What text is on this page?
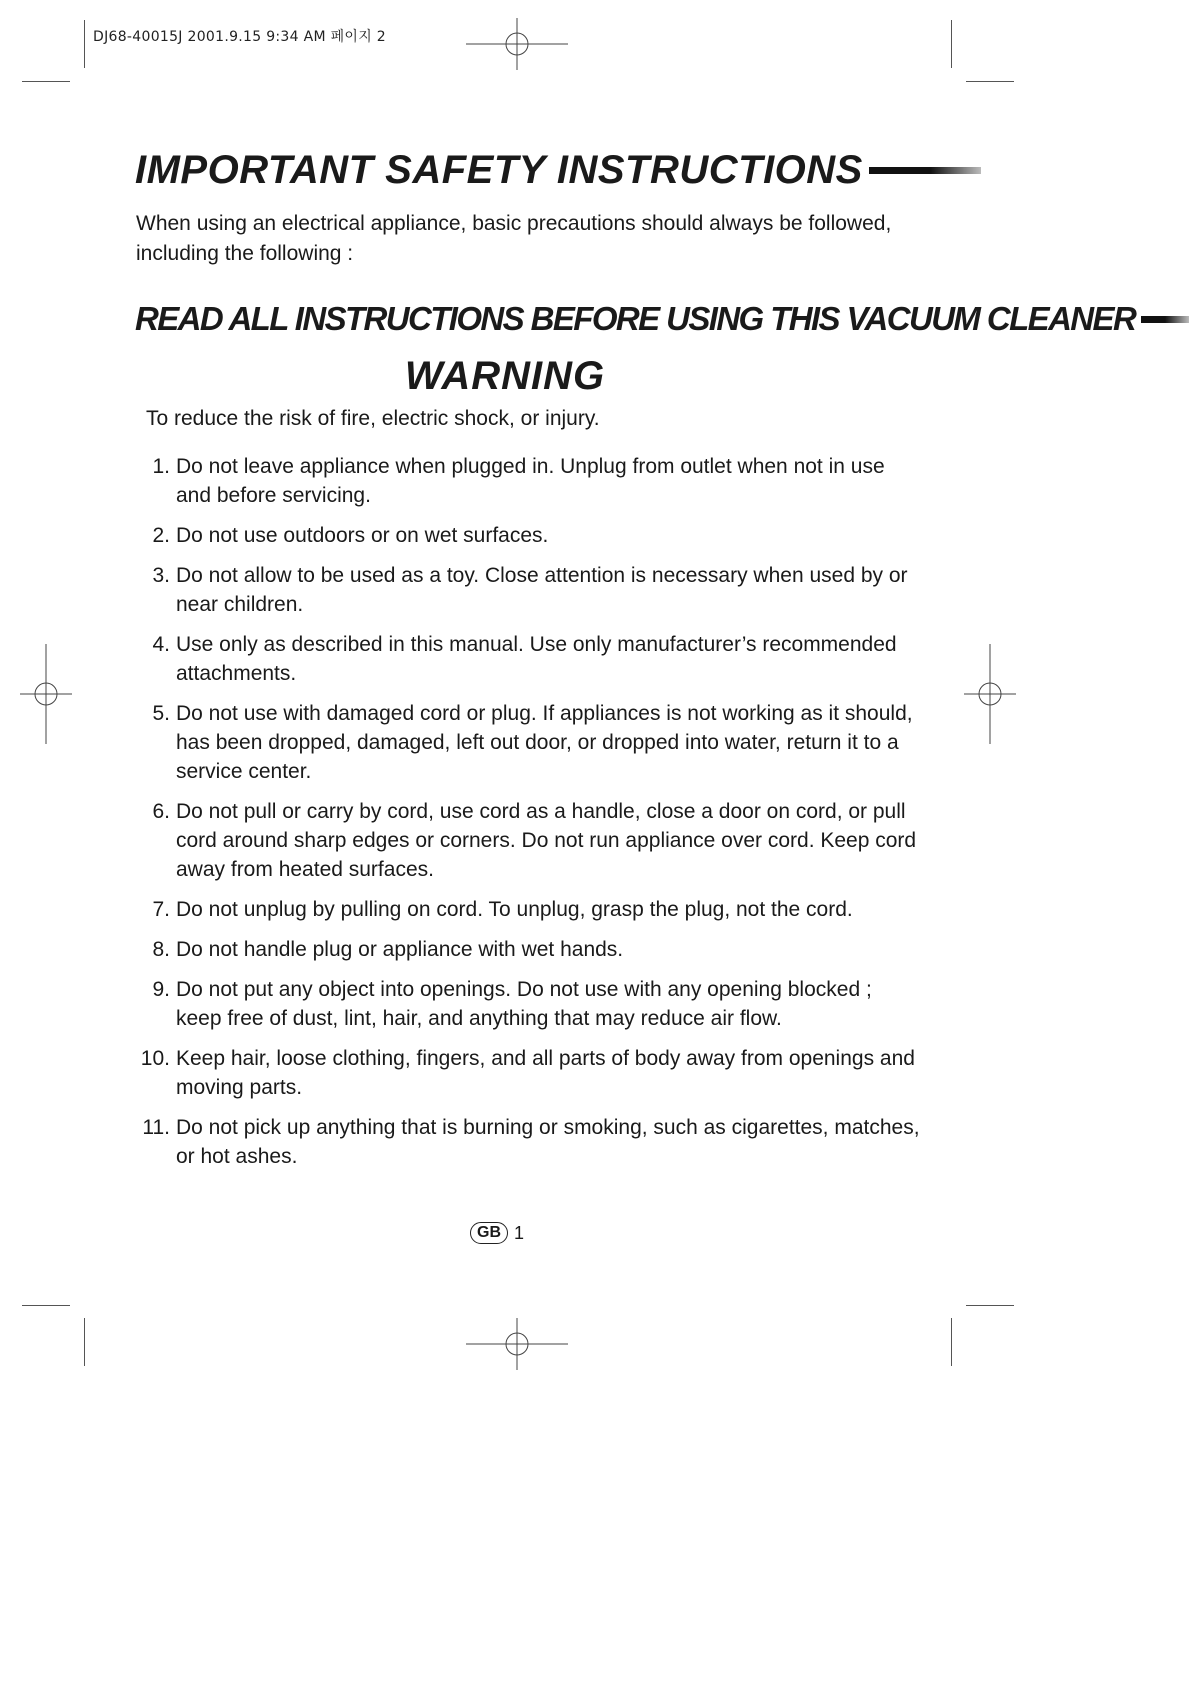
DJ68-40015J 2001.9.15 9:34 AM 페이지 2
IMPORTANT SAFETY INSTRUCTIONS
When using an electrical appliance, basic precautions should always be followed, including the following :
READ ALL INSTRUCTIONS BEFORE USING THIS VACUUM CLEANER
WARNING
To reduce the risk of fire, electric shock, or injury.
1. Do not leave appliance when plugged in. Unplug from outlet when not in use and before servicing.
2. Do not use outdoors or on wet surfaces.
3. Do not allow to be used as a toy. Close attention is necessary when used by or near children.
4. Use only as described in this manual. Use only manufacturer’s recommended attachments.
5. Do not use with damaged cord or plug. If appliances is not working as it should, has been dropped, damaged, left out door, or dropped into water, return it to a service center.
6. Do not pull or carry by cord, use cord as a handle, close a door on cord, or pull cord around sharp edges or corners. Do not run appliance over cord. Keep cord away from heated surfaces.
7. Do not unplug by pulling on cord. To unplug, grasp the plug, not the cord.
8. Do not handle plug or appliance with wet hands.
9. Do not put any object into openings. Do not use with any opening blocked ; keep free of dust, lint, hair, and anything that may reduce air flow.
10. Keep hair, loose clothing, fingers, and all parts of body away from openings and moving parts.
11. Do not pick up anything that is burning or smoking, such as cigarettes, matches, or hot ashes.
GB 1
